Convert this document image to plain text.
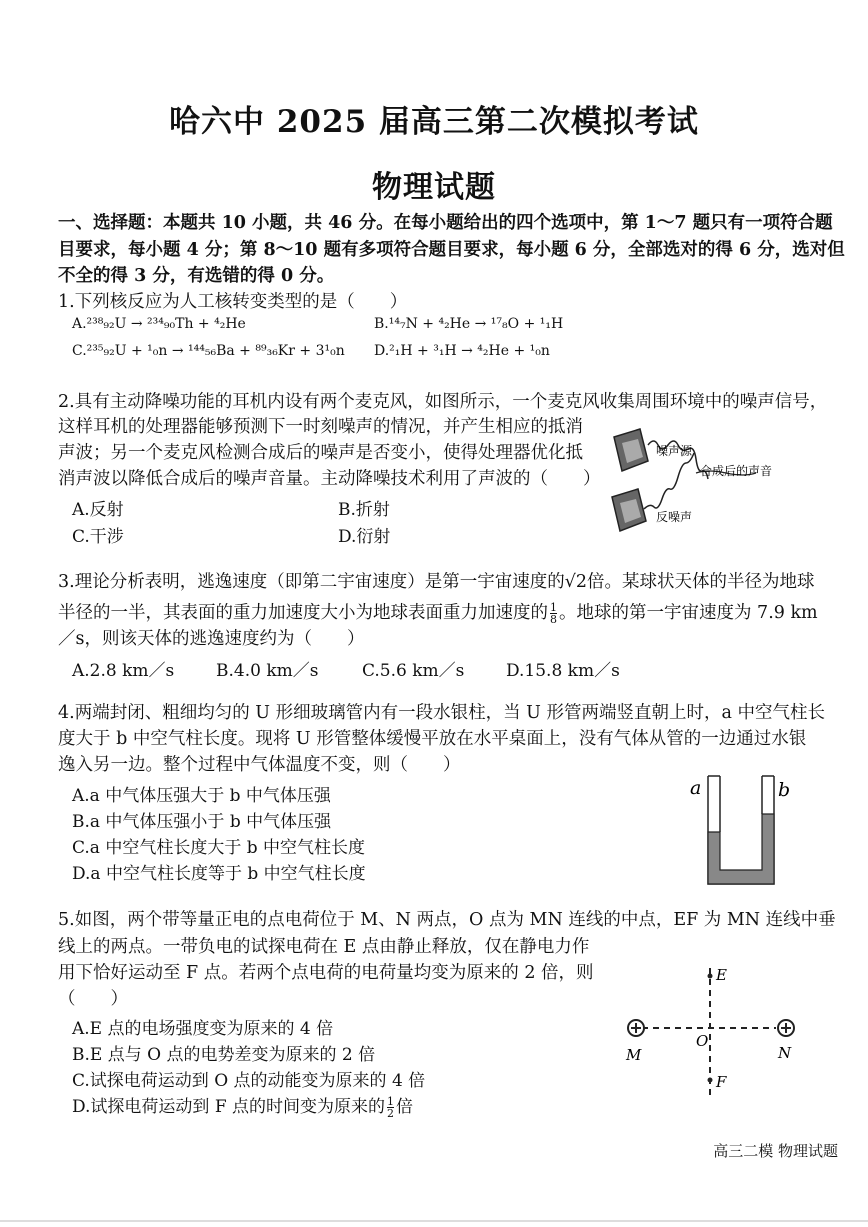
哈六中 2025 届高三第二次模拟考试
物理试题
一、选择题：本题共 10 小题，共 46 分。在每小题给出的四个选项中，第 1～7 题只有一项符合题
目要求，每小题 4 分；第 8～10 题有多项符合题目要求，每小题 6 分，全部选对的得 6 分，选对但
不全的得 3 分，有选错的得 0 分。
1.下列核反应为人工核转变类型的是（　　）
A.²³⁸₉₂U → ²³⁴₉₀Th + ⁴₂He	B.¹⁴₇N + ⁴₂He → ¹⁷₈O + ¹₁H
C.²³⁵₉₂U + ¹₀n → ¹⁴⁴₅₆Ba + ⁸⁹₃₆Kr + 3¹₀n D.²₁H + ³₁H → ⁴₂He + ¹₀n
2.具有主动降噪功能的耳机内设有两个麦克风，如图所示，一个麦克风收集周围环境中的噪声信号，
这样耳机的处理器能够预测下一时刻噪声的情况，并产生相应的抵消
声波；另一个麦克风检测合成后的噪声是否变小，使得处理器优化抵
消声波以降低合成后的噪声音量。主动降噪技术利用了声波的（　　）
A.反射	B.折射
C.干涉	D.衍射
噪声源
合成后的声音
反噪声
3.理论分析表明，逃逸速度（即第二宇宙速度）是第一宇宙速度的√2倍。某球状天体的半径为地球
半径的一半，其表面的重力加速度大小为地球表面重力加速度的 $\frac{1}{8}$ 。地球的第一宇宙速度为 7.9 km
／s，则该天体的逃逸速度约为（　　）
A.2.8 km／s B.4.0 km／s	C.5.6 km／s D.15.8 km／s
4.两端封闭、粗细均匀的 U 形细玻璃管内有一段水银柱，当 U 形管两端竖直朝上时，a 中空气柱长
度大于 b 中空气柱长度。现将 U 形管整体缓慢平放在水平桌面上，没有气体从管的一边通过水银
逸入另一边。整个过程中气体温度不变，则（　　）
A.a 中气体压强大于 b 中气体压强
B.a 中气体压强小于 b 中气体压强
C.a 中空气柱长度大于 b 中空气柱长度
D.a 中空气柱长度等于 b 中空气柱长度
a	b
5.如图，两个带等量正电的点电荷位于 M、N 两点，O 点为 MN 连线的中点，EF 为 MN 连线中垂
线上的两点。一带负电的试探电荷在 E 点由静止释放，仅在静电力作
用下恰好运动至 F 点。若两个点电荷的电荷量均变为原来的 2 倍，则
（　　）
A.E 点的电场强度变为原来的 4 倍
B.E 点与 O 点的电势差变为原来的 2 倍
C.试探电荷运动到 O 点的动能变为原来的 4 倍
D.试探电荷运动到 F 点的时间变为原来的 $\frac{1}{2}$ 倍
E
F
M	N
O
高三二模 物理试题
